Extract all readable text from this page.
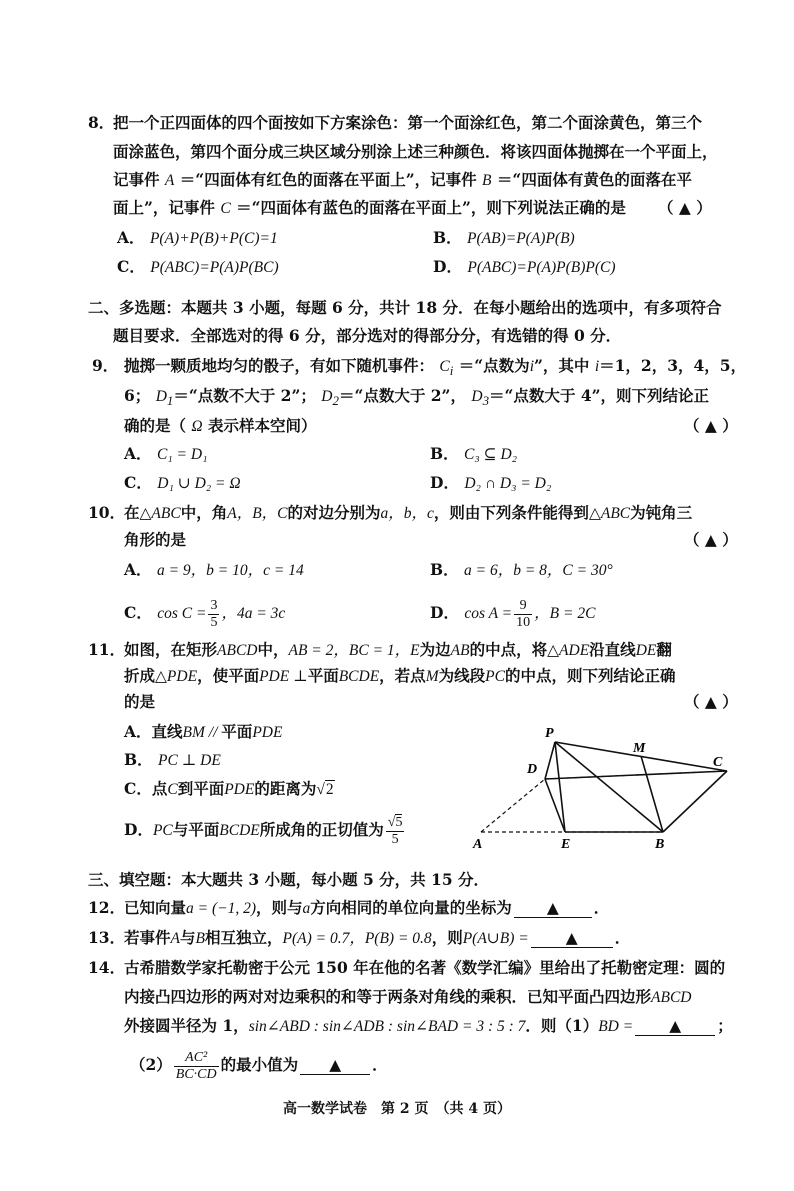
8．
把一个正四面体的四个面按如下方案涂色：第一个面涂红色，第二个面涂黄色，第三个
面涂蓝色，第四个面分成三块区域分别涂上述三种颜色．将该四面体抛掷在一个平面上，
记事件 A ＝“四面体有红色的面落在平面上”，记事件 B ＝“四面体有黄色的面落在平
面上”，记事件 C ＝“四面体有蓝色的面落在平面上”，则下列说法正确的是 （ ▲ ）
A． P(A)+P(B)+P(C)=1	B． P(AB)=P(A)P(B)
C． P(ABC)=P(A)P(BC)	D． P(ABC)=P(A)P(B)P(C)
二、多选题：本题共 3 小题，每题 6 分，共计 18 分．在每小题给出的选项中，有多项符合
题目要求．全部选对的得 6 分，部分选对的得部分分，有选错的得 0 分．
9． 抛掷一颗质地均匀的骰子，有如下随机事件： $C_i$ ＝“点数为i”，其中 i＝1，2，3，4，5，
6； $D_1=“$点数不大于 2”； $D_2=“$点数大于 2”， $D_3=“$点数大于 4”，则下列结论正
确的是（ Ω 表示样本空间）	（ ▲ ）
A． C₁ = D₁	B． C₃ ⊆ D₂
C． D₁ ∪ D₂ = Ω	D． D₂ ∩ D₃ = D₂
10．
在△ABC中，角A，B，C的对边分别为a，b，c，则由下列条件能得到△ABC为钝角三
角形的是	（ ▲ ）
A． a = 9，b = 10，c = 14	B． a = 6，b = 8，C = 30°
C． $\cos C = \frac{3}{5}$ ，4a = 3c	D． $\cos A = \frac{9}{10}$ ，B = 2C
11．
如图，在矩形ABCD中，AB = 2，BC = 1，E为边AB的中点，将△ADE沿直线DE翻
折成△PDE，使平面PDE ⊥平面BCDE，若点M为线段PC的中点，则下列结论正确
的是	（ ▲ ）
A．直线BM // 平面PDE
B． PC ⊥ DE
C．点C到平面PDE的距离为√2
D．PC与平面BCDE所成角的正切值为 $\frac{√5}{5}$
P
M
C
D
A	E	B
三、填空题：本大题共 3 小题，每小题 5 分，共 15 分．
12．
已知向量a = (−1, 2)，则与a方向相同的单位向量的坐标为 ▲ ．
13．
若事件A与B相互独立，P(A) = 0.7，P(B) = 0.8，则P(A∪B) = ▲ ．
14．
古希腊数学家托勒密于公元 150 年在他的名著《数学汇编》里给出了托勒密定理：圆的
内接凸四边形的两对对边乘积的和等于两条对角线的乘积．已知平面凸四边形ABCD
外接圆半径为 1，sin∠ABD : sin∠ADB : sin∠BAD = 3 : 5 : 7．则（1）BD = ▲ ；
$(2) \frac{\text{AC²}}{BC\cdot CD}$ 的最小值为 ▲ ．
高一数学试卷　第 2 页　（共 4 页）
